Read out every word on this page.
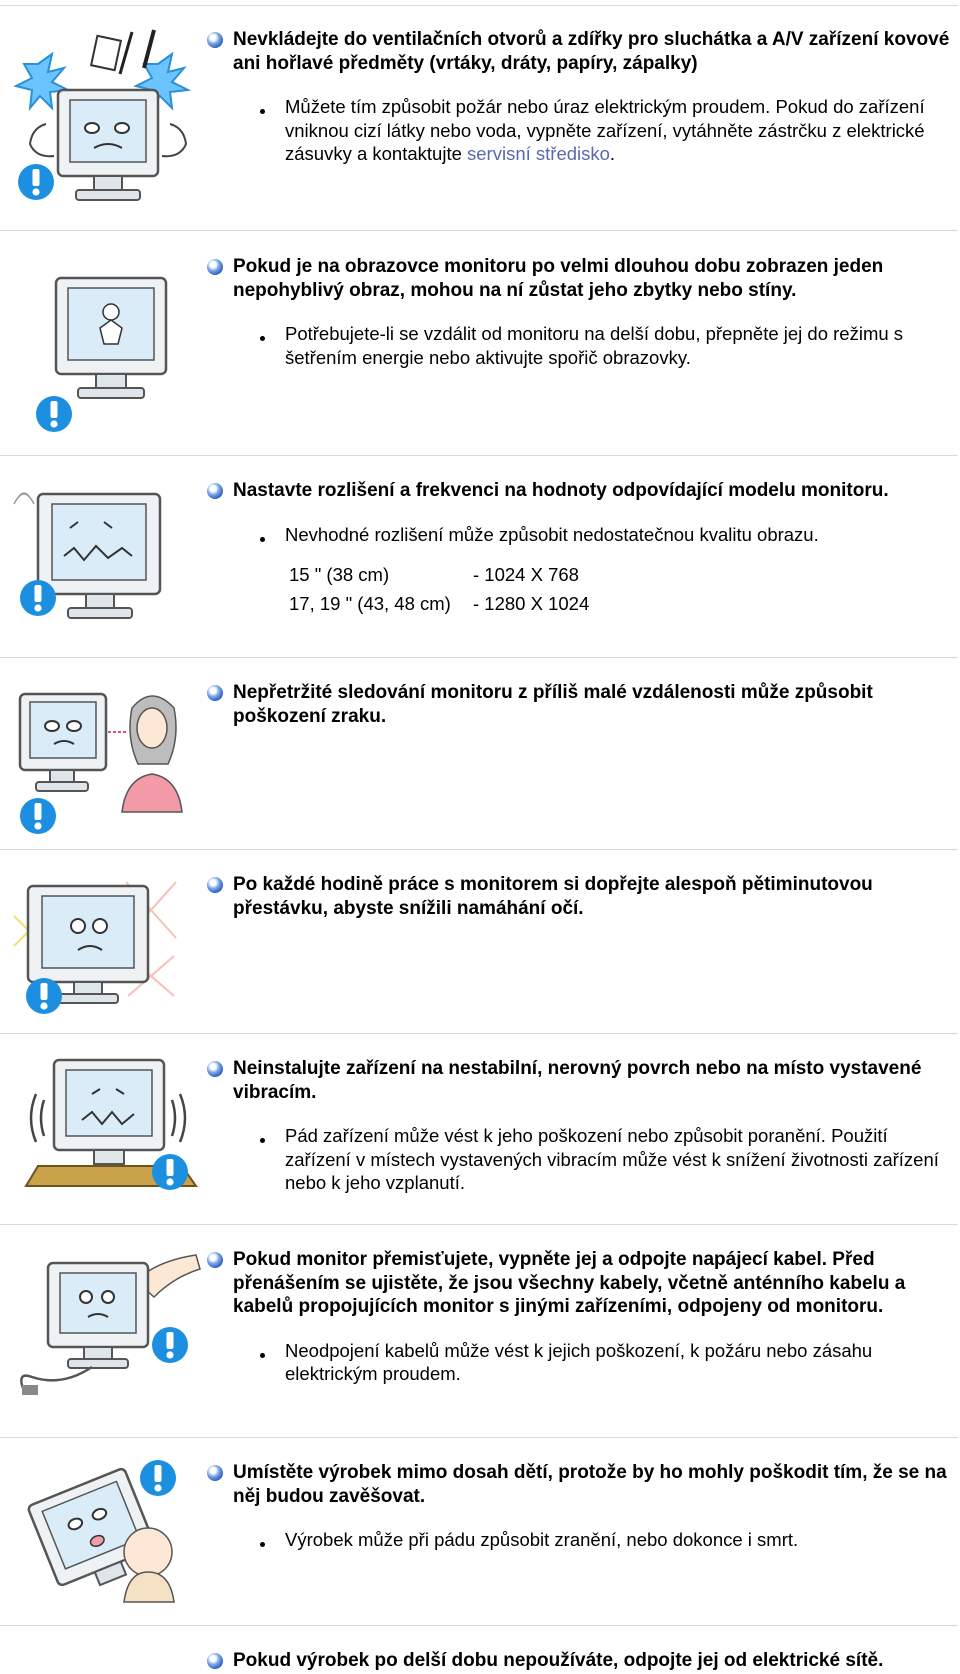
Nevkládejte do ventilačních otvorů a zdířky pro sluchátka a A/V zařízení kovové ani hořlavé předměty (vrtáky, dráty, papíry, zápalky)
Můžete tím způsobit požár nebo úraz elektrickým proudem. Pokud do zařízení vniknou cizí látky nebo voda, vypněte zařízení, vytáhněte zástrčku z elektrické zásuvky a kontaktujte servisní středisko.
Pokud je na obrazovce monitoru po velmi dlouhou dobu zobrazen jeden nepohyblivý obraz, mohou na ní zůstat jeho zbytky nebo stíny.
Potřebujete-li se vzdálit od monitoru na delší dobu, přepněte jej do režimu s šetřením energie nebo aktivujte spořič obrazovky.
Nastavte rozlišení a frekvenci na hodnoty odpovídající modelu monitoru.
Nevhodné rozlišení může způsobit nedostatečnou kvalitu obrazu.
15 " (38 cm)	- 1024 X 768
17, 19 " (43, 48 cm)	- 1280 X 1024
Nepřetržité sledování monitoru z příliš malé vzdálenosti může způsobit poškození zraku.
Po každé hodině práce s monitorem si dopřejte alespoň pětiminutovou přestávku, abyste snížili namáhání očí.
Neinstalujte zařízení na nestabilní, nerovný povrch nebo na místo vystavené vibracím.
Pád zařízení může vést k jeho poškození nebo způsobit poranění. Použití zařízení v místech vystavených vibracím může vést k snížení životnosti zařízení nebo k jeho vzplanutí.
Pokud monitor přemisťujete, vypněte jej a odpojte napájecí kabel. Před přenášením se ujistěte, že jsou všechny kabely, včetně anténního kabelu a kabelů propojujících monitor s jinými zařízeními, odpojeny od monitoru.
Neodpojení kabelů může vést k jejich poškození, k požáru nebo zásahu elektrickým proudem.
Umístěte výrobek mimo dosah dětí, protože by ho mohly poškodit tím, že se na něj budou zavěšovat.
Výrobek může při pádu způsobit zranění, nebo dokonce i smrt.
Pokud výrobek po delší dobu nepoužíváte, odpojte jej od elektrické sítě.
